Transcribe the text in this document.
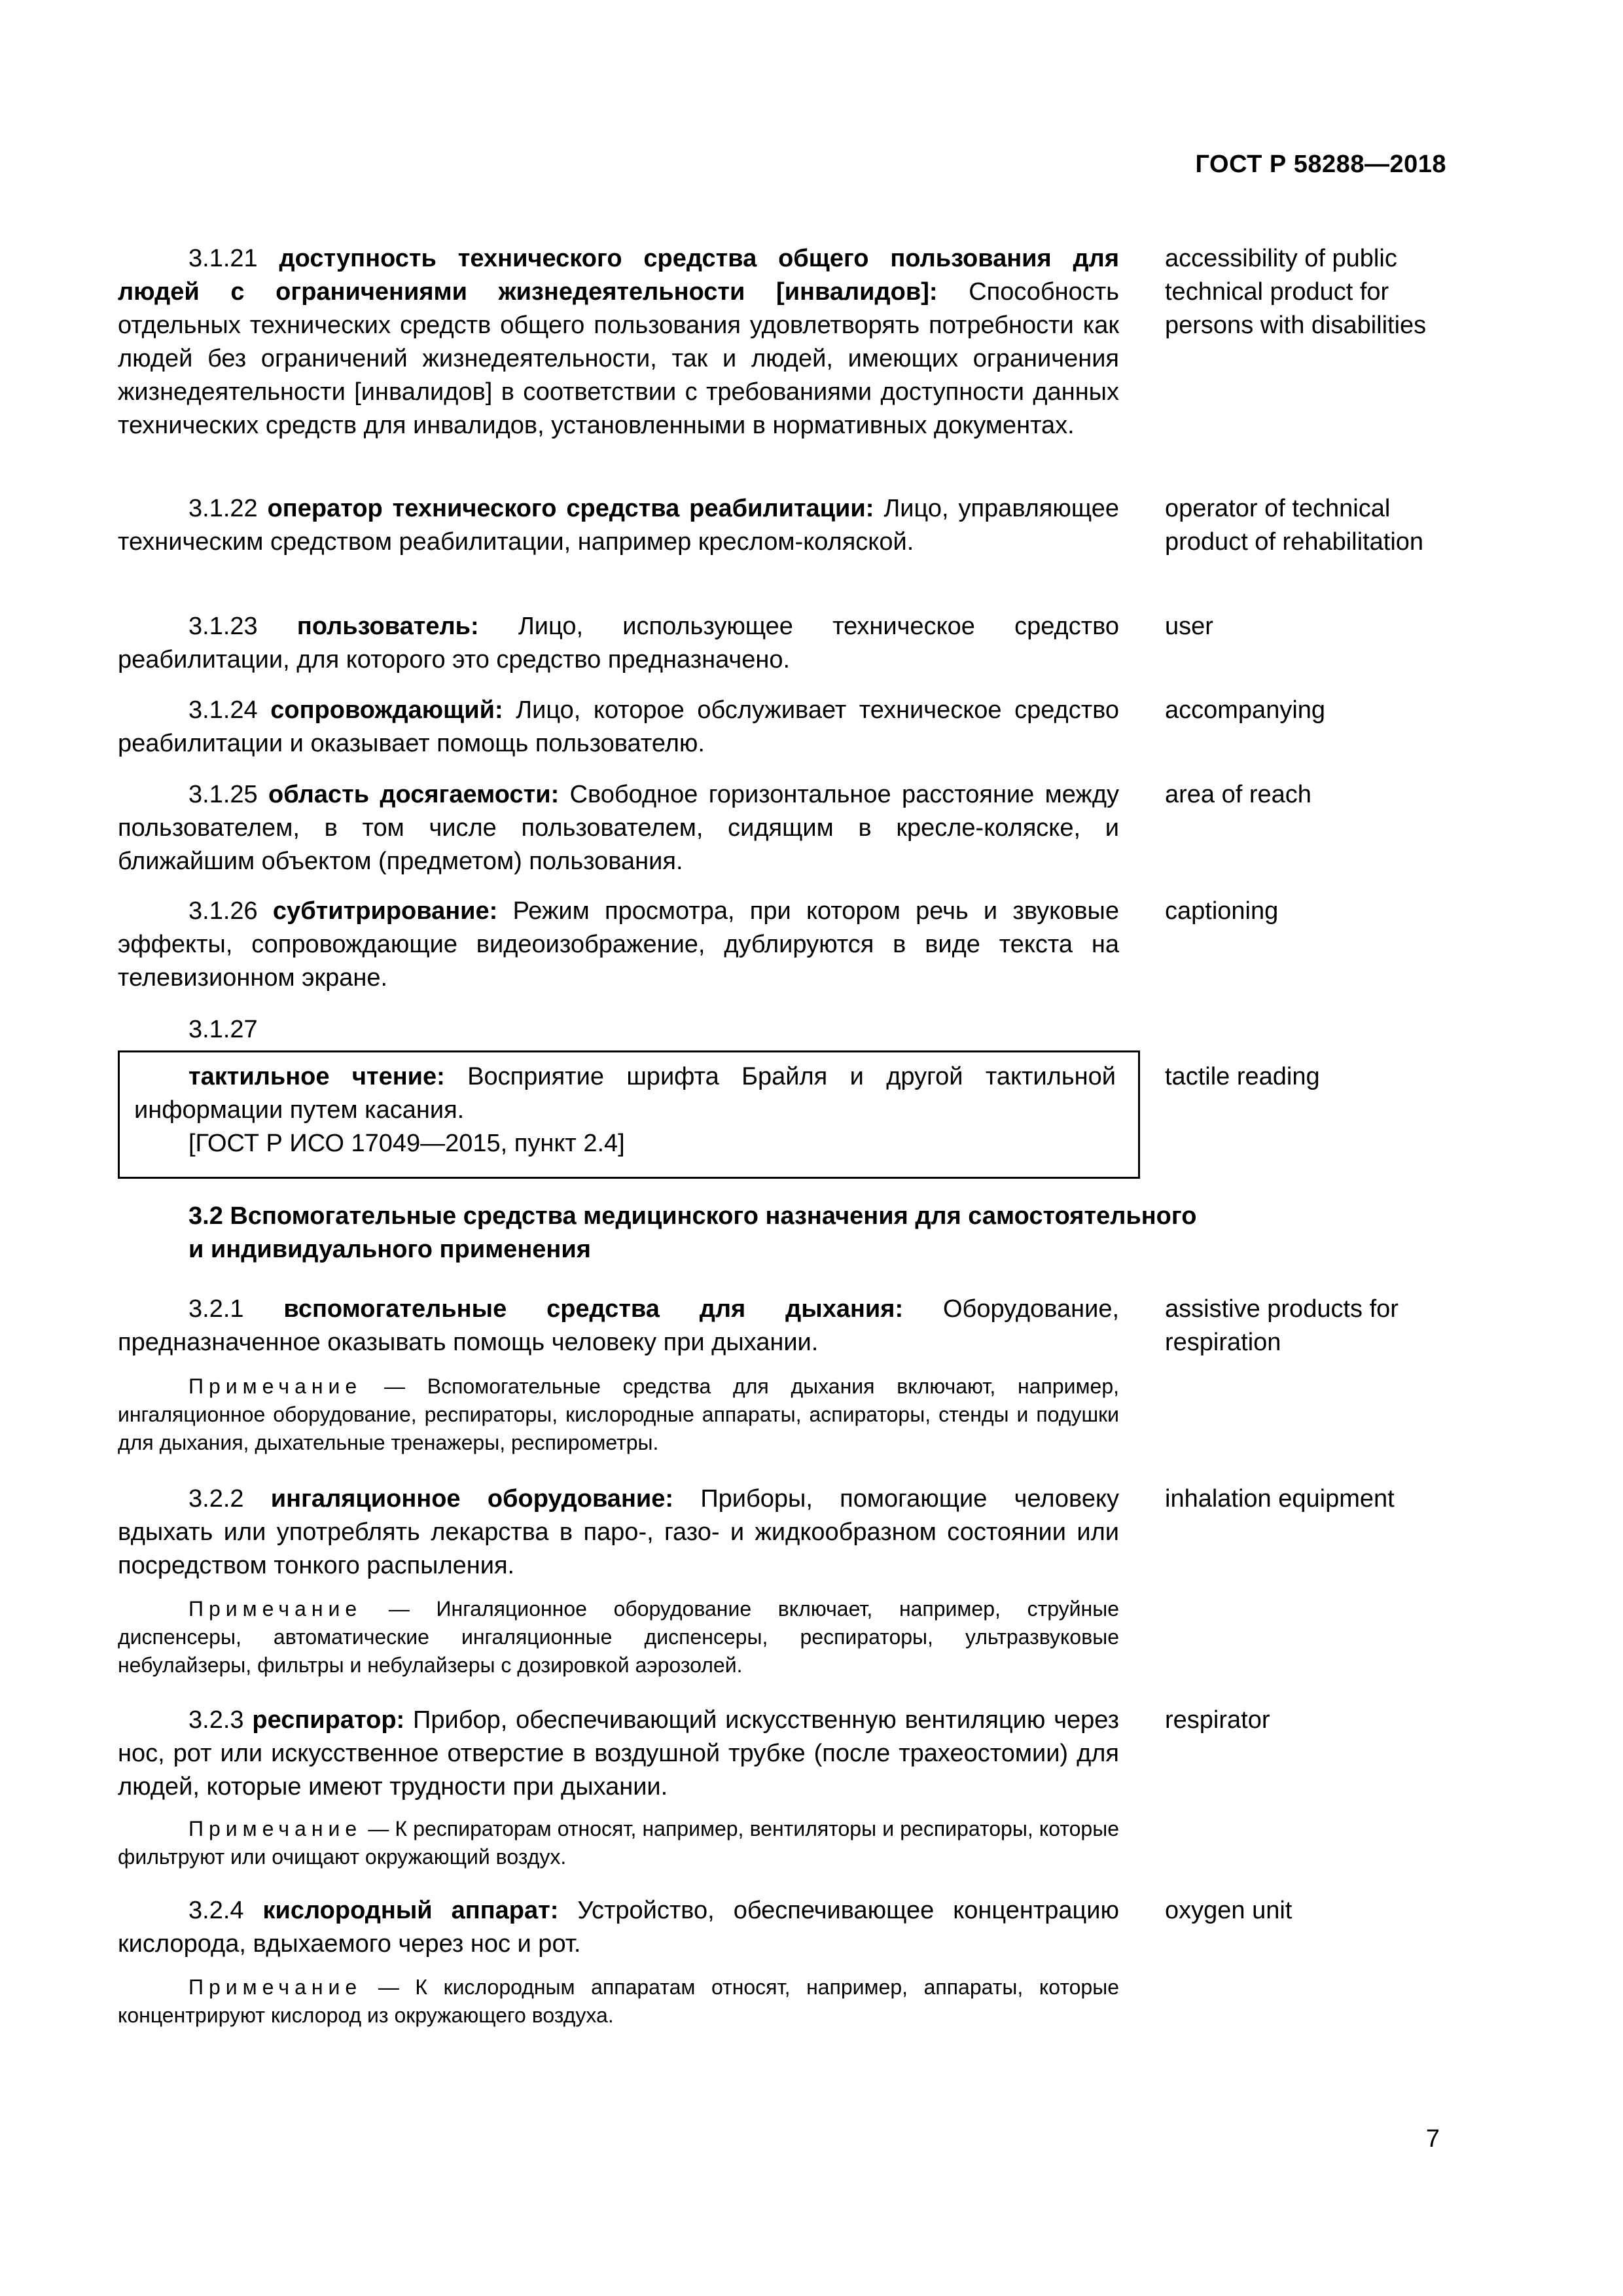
ГОСТ Р 58288—2018
3.1.21 доступность технического средства общего пользования для людей с ограничениями жизнедеятельности [инвалидов]: Способность отдельных технических средств общего пользования удовлетворять потребности как людей без ограничений жизнедеятельности, так и людей, имеющих ограничения жизнедеятельности [инвалидов] в соответствии с требованиями доступности данных технических средств для инвалидов, установленными в нормативных документах.
accessibility of public technical product for persons with disabilities
3.1.22 оператор технического средства реабилитации: Лицо, управляющее техническим средством реабилитации, например креслом-коляской.
operator of technical product of rehabilitation
3.1.23 пользователь: Лицо, использующее техническое средство реабилитации, для которого это средство предназначено.
user
3.1.24 сопровождающий: Лицо, которое обслуживает техническое средство реабилитации и оказывает помощь пользователю.
accompanying
3.1.25 область досягаемости: Свободное горизонтальное расстояние между пользователем, в том числе пользователем, сидящим в кресле-коляске, и ближайшим объектом (предметом) пользования.
area of reach
3.1.26 субтитрирование: Режим просмотра, при котором речь и звуковые эффекты, сопровождающие видеоизображение, дублируются в виде текста на телевизионном экране.
captioning
3.1.27
тактильное чтение: Восприятие шрифта Брайля и другой тактильной информации путем касания.
tactile reading
[ГОСТ Р ИСО 17049—2015, пункт 2.4]
3.2 Вспомогательные средства медицинского назначения для самостоятельного
и индивидуального применения
3.2.1 вспомогательные средства для дыхания: Оборудование, предназначенное оказывать помощь человеку при дыхании.
assistive products for respiration
Примечание — Вспомогательные средства для дыхания включают, например, ингаляционное оборудование, респираторы, кислородные аппараты, аспираторы, стенды и подушки для дыхания, дыхательные тренажеры, респирометры.
3.2.2 ингаляционное оборудование: Приборы, помогающие человеку вдыхать или употреблять лекарства в паро-, газо- и жидкообразном состоянии или посредством тонкого распыления.
inhalation equipment
Примечание — Ингаляционное оборудование включает, например, струйные диспенсеры, автоматические ингаляционные диспенсеры, респираторы, ультразвуковые небулайзеры, фильтры и небулайзеры с дозировкой аэрозолей.
3.2.3 респиратор: Прибор, обеспечивающий искусственную вентиляцию через нос, рот или искусственное отверстие в воздушной трубке (после трахеостомии) для людей, которые имеют трудности при дыхании.
respirator
Примечание — К респираторам относят, например, вентиляторы и респираторы, которые фильтруют или очищают окружающий воздух.
3.2.4 кислородный аппарат: Устройство, обеспечивающее концентрацию кислорода, вдыхаемого через нос и рот.
oxygen unit
Примечание — К кислородным аппаратам относят, например, аппараты, которые концентрируют кислород из окружающего воздуха.
7
